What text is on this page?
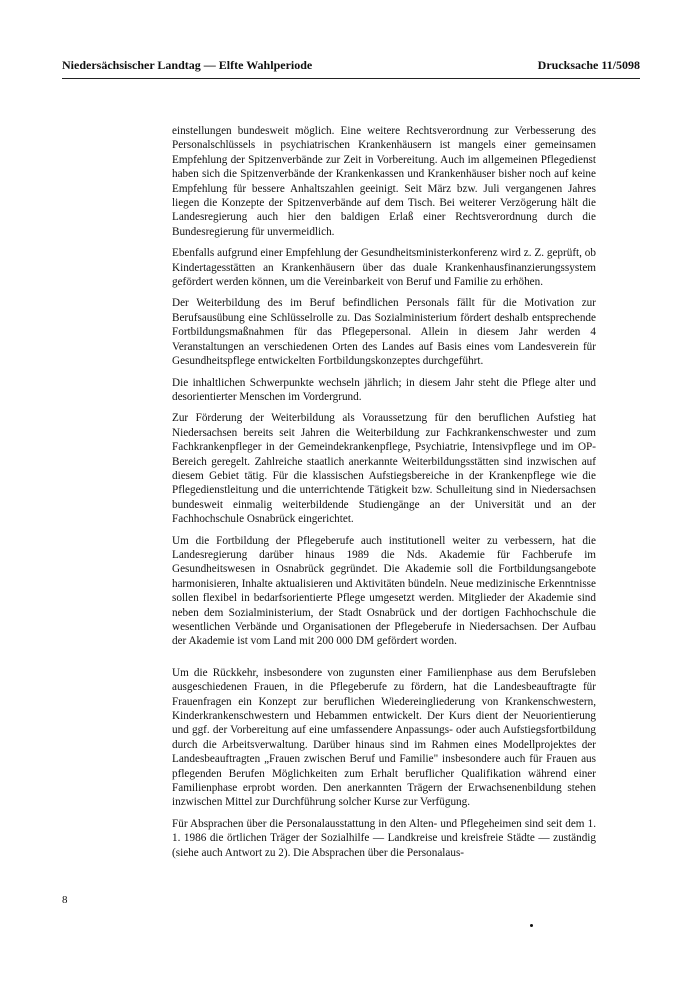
Niedersächsischer Landtag — Elfte Wahlperiode	Drucksache 11/5098

einstellungen bundesweit möglich. Eine weitere Rechtsverordnung zur Verbesserung des Personalschlüssels in psychiatrischen Krankenhäusern ist mangels einer gemeinsamen Empfehlung der Spitzenverbände zur Zeit in Vorbereitung. Auch im allgemeinen Pflegedienst haben sich die Spitzenverbände der Krankenkassen und Krankenhäuser bisher noch auf keine Empfehlung für bessere Anhaltszahlen geeinigt. Seit März bzw. Juli vergangenen Jahres liegen die Konzepte der Spitzenverbände auf dem Tisch. Bei weiterer Verzögerung hält die Landesregierung auch hier den baldigen Erlaß einer Rechtsverordnung durch die Bundesregierung für unvermeidlich.

Ebenfalls aufgrund einer Empfehlung der Gesundheitsministerkonferenz wird z. Z. geprüft, ob Kindertagesstätten an Krankenhäusern über das duale Krankenhausfinanzierungssystem gefördert werden können, um die Vereinbarkeit von Beruf und Familie zu erhöhen.

Der Weiterbildung des im Beruf befindlichen Personals fällt für die Motivation zur Berufsausübung eine Schlüsselrolle zu. Das Sozialministerium fördert deshalb entsprechende Fortbildungsmaßnahmen für das Pflegepersonal. Allein in diesem Jahr werden 4 Veranstaltungen an verschiedenen Orten des Landes auf Basis eines vom Landesverein für Gesundheitspflege entwickelten Fortbildungskonzeptes durchgeführt.

Die inhaltlichen Schwerpunkte wechseln jährlich; in diesem Jahr steht die Pflege alter und desorientierter Menschen im Vordergrund.

Zur Förderung der Weiterbildung als Voraussetzung für den beruflichen Aufstieg hat Niedersachsen bereits seit Jahren die Weiterbildung zur Fachkrankenschwester und zum Fachkrankenpfleger in der Gemeindekrankenpflege, Psychiatrie, Intensivpflege und im OP-Bereich geregelt. Zahlreiche staatlich anerkannte Weiterbildungsstätten sind inzwischen auf diesem Gebiet tätig. Für die klassischen Aufstiegsbereiche in der Krankenpflege wie die Pflegedienstleitung und die unterrichtende Tätigkeit bzw. Schulleitung sind in Niedersachsen bundesweit einmalig weiterbildende Studiengänge an der Universität und an der Fachhochschule Osnabrück eingerichtet.

Um die Fortbildung der Pflegeberufe auch institutionell weiter zu verbessern, hat die Landesregierung darüber hinaus 1989 die Nds. Akademie für Fachberufe im Gesundheitswesen in Osnabrück gegründet. Die Akademie soll die Fortbildungsangebote harmonisieren, Inhalte aktualisieren und Aktivitäten bündeln. Neue medizinische Erkenntnisse sollen flexibel in bedarfsorientierte Pflege umgesetzt werden. Mitglieder der Akademie sind neben dem Sozialministerium, der Stadt Osnabrück und der dortigen Fachhochschule die wesentlichen Verbände und Organisationen der Pflegeberufe in Niedersachsen. Der Aufbau der Akademie ist vom Land mit 200 000 DM gefördert worden.

Um die Rückkehr, insbesondere von zugunsten einer Familienphase aus dem Berufsleben ausgeschiedenen Frauen, in die Pflegeberufe zu fördern, hat die Landesbeauftragte für Frauenfragen ein Konzept zur beruflichen Wiedereingliederung von Krankenschwestern, Kinderkrankenschwestern und Hebammen entwickelt. Der Kurs dient der Neuorientierung und ggf. der Vorbereitung auf eine umfassendere Anpassungs- oder auch Aufstiegsfortbildung durch die Arbeitsverwaltung. Darüber hinaus sind im Rahmen eines Modellprojektes der Landesbeauftragten „Frauen zwischen Beruf und Familie" insbesondere auch für Frauen aus pflegenden Berufen Möglichkeiten zum Erhalt beruflicher Qualifikation während einer Familienphase erprobt worden. Den anerkannten Trägern der Erwachsenenbildung stehen inzwischen Mittel zur Durchführung solcher Kurse zur Verfügung.

Für Absprachen über die Personalausstattung in den Alten- und Pflegeheimen sind seit dem 1. 1. 1986 die örtlichen Träger der Sozialhilfe — Landkreise und kreisfreie Städte — zuständig (siehe auch Antwort zu 2). Die Absprachen über die Personalaus-

8
